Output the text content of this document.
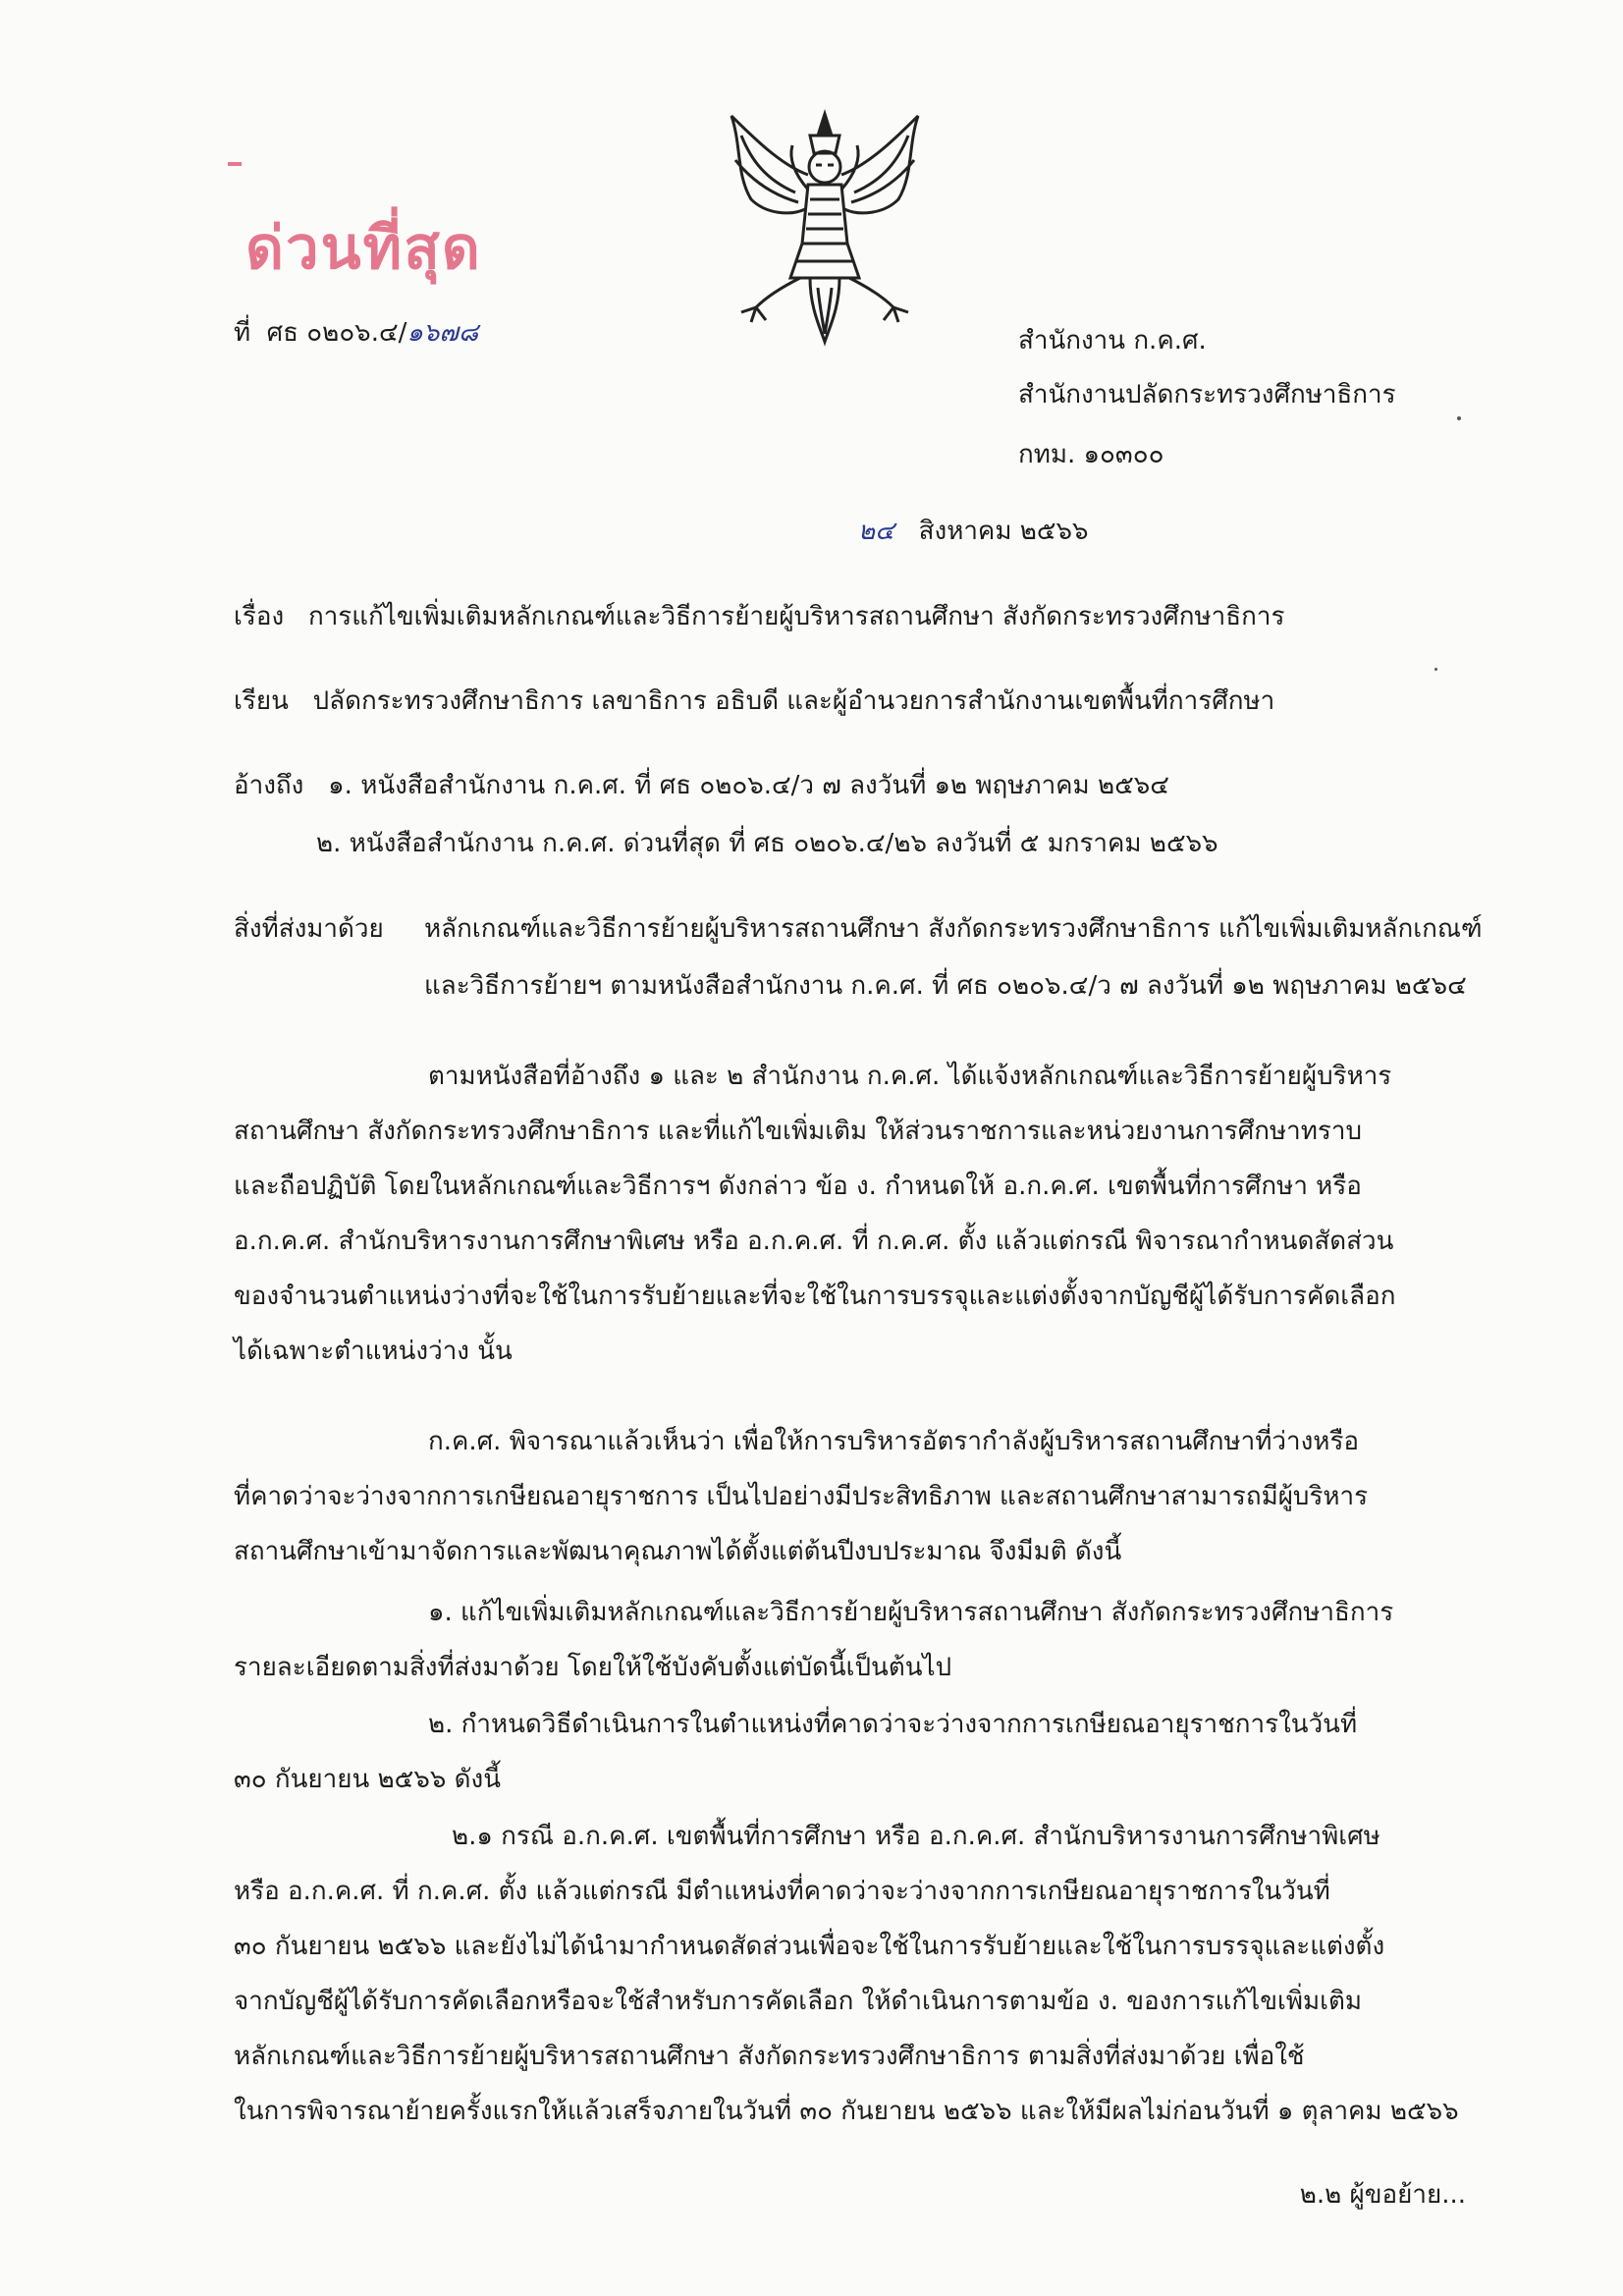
ด่วนที่สุด
ที่ ศธ ๐๒๐๖.๔/๑๖๗๘	สำนักงาน ก.ค.ศ.
สำนักงานปลัดกระทรวงศึกษาธิการ
กทม. ๑๐๓๐๐
๒๔ สิงหาคม ๒๕๖๖
เรื่อง การแก้ไขเพิ่มเติมหลักเกณฑ์และวิธีการย้ายผู้บริหารสถานศึกษา สังกัดกระทรวงศึกษาธิการ
เรียน ปลัดกระทรวงศึกษาธิการ เลขาธิการ อธิบดี และผู้อำนวยการสำนักงานเขตพื้นที่การศึกษา
อ้างถึง ๑. หนังสือสำนักงาน ก.ค.ศ. ที่ ศธ ๐๒๐๖.๔/ว ๗ ลงวันที่ ๑๒ พฤษภาคม ๒๕๖๔
๒. หนังสือสำนักงาน ก.ค.ศ. ด่วนที่สุด ที่ ศธ ๐๒๐๖.๔/๒๖ ลงวันที่ ๕ มกราคม ๒๕๖๖
สิ่งที่ส่งมาด้วย หลักเกณฑ์และวิธีการย้ายผู้บริหารสถานศึกษา สังกัดกระทรวงศึกษาธิการ แก้ไขเพิ่มเติมหลักเกณฑ์
และวิธีการย้ายฯ ตามหนังสือสำนักงาน ก.ค.ศ. ที่ ศธ ๐๒๐๖.๔/ว ๗ ลงวันที่ ๑๒ พฤษภาคม ๒๕๖๔
ตามหนังสือที่อ้างถึง ๑ และ ๒ สำนักงาน ก.ค.ศ. ได้แจ้งหลักเกณฑ์และวิธีการย้ายผู้บริหาร
สถานศึกษา สังกัดกระทรวงศึกษาธิการ และที่แก้ไขเพิ่มเติม ให้ส่วนราชการและหน่วยงานการศึกษาทราบ
และถือปฏิบัติ โดยในหลักเกณฑ์และวิธีการฯ ดังกล่าว ข้อ ง. กำหนดให้ อ.ก.ค.ศ. เขตพื้นที่การศึกษา หรือ
อ.ก.ค.ศ. สำนักบริหารงานการศึกษาพิเศษ หรือ อ.ก.ค.ศ. ที่ ก.ค.ศ. ตั้ง แล้วแต่กรณี พิจารณากำหนดสัดส่วน
ของจำนวนตำแหน่งว่างที่จะใช้ในการรับย้ายและที่จะใช้ในการบรรจุและแต่งตั้งจากบัญชีผู้ได้รับการคัดเลือก
ได้เฉพาะตำแหน่งว่าง นั้น
ก.ค.ศ. พิจารณาแล้วเห็นว่า เพื่อให้การบริหารอัตรากำลังผู้บริหารสถานศึกษาที่ว่างหรือ
ที่คาดว่าจะว่างจากการเกษียณอายุราชการ เป็นไปอย่างมีประสิทธิภาพ และสถานศึกษาสามารถมีผู้บริหาร
สถานศึกษาเข้ามาจัดการและพัฒนาคุณภาพได้ตั้งแต่ต้นปีงบประมาณ จึงมีมติ ดังนี้
๑. แก้ไขเพิ่มเติมหลักเกณฑ์และวิธีการย้ายผู้บริหารสถานศึกษา สังกัดกระทรวงศึกษาธิการ
รายละเอียดตามสิ่งที่ส่งมาด้วย โดยให้ใช้บังคับตั้งแต่บัดนี้เป็นต้นไป
๒. กำหนดวิธีดำเนินการในตำแหน่งที่คาดว่าจะว่างจากการเกษียณอายุราชการในวันที่
๓๐ กันยายน ๒๕๖๖ ดังนี้
๒.๑ กรณี อ.ก.ค.ศ. เขตพื้นที่การศึกษา หรือ อ.ก.ค.ศ. สำนักบริหารงานการศึกษาพิเศษ
หรือ อ.ก.ค.ศ. ที่ ก.ค.ศ. ตั้ง แล้วแต่กรณี มีตำแหน่งที่คาดว่าจะว่างจากการเกษียณอายุราชการในวันที่
๓๐ กันยายน ๒๕๖๖ และยังไม่ได้นำมากำหนดสัดส่วนเพื่อจะใช้ในการรับย้ายและใช้ในการบรรจุและแต่งตั้ง
จากบัญชีผู้ได้รับการคัดเลือกหรือจะใช้สำหรับการคัดเลือก ให้ดำเนินการตามข้อ ง. ของการแก้ไขเพิ่มเติม
หลักเกณฑ์และวิธีการย้ายผู้บริหารสถานศึกษา สังกัดกระทรวงศึกษาธิการ ตามสิ่งที่ส่งมาด้วย เพื่อใช้
ในการพิจารณาย้ายครั้งแรกให้แล้วเสร็จภายในวันที่ ๓๐ กันยายน ๒๕๖๖ และให้มีผลไม่ก่อนวันที่ ๑ ตุลาคม ๒๕๖๖
๒.๒ ผู้ขอย้าย...
